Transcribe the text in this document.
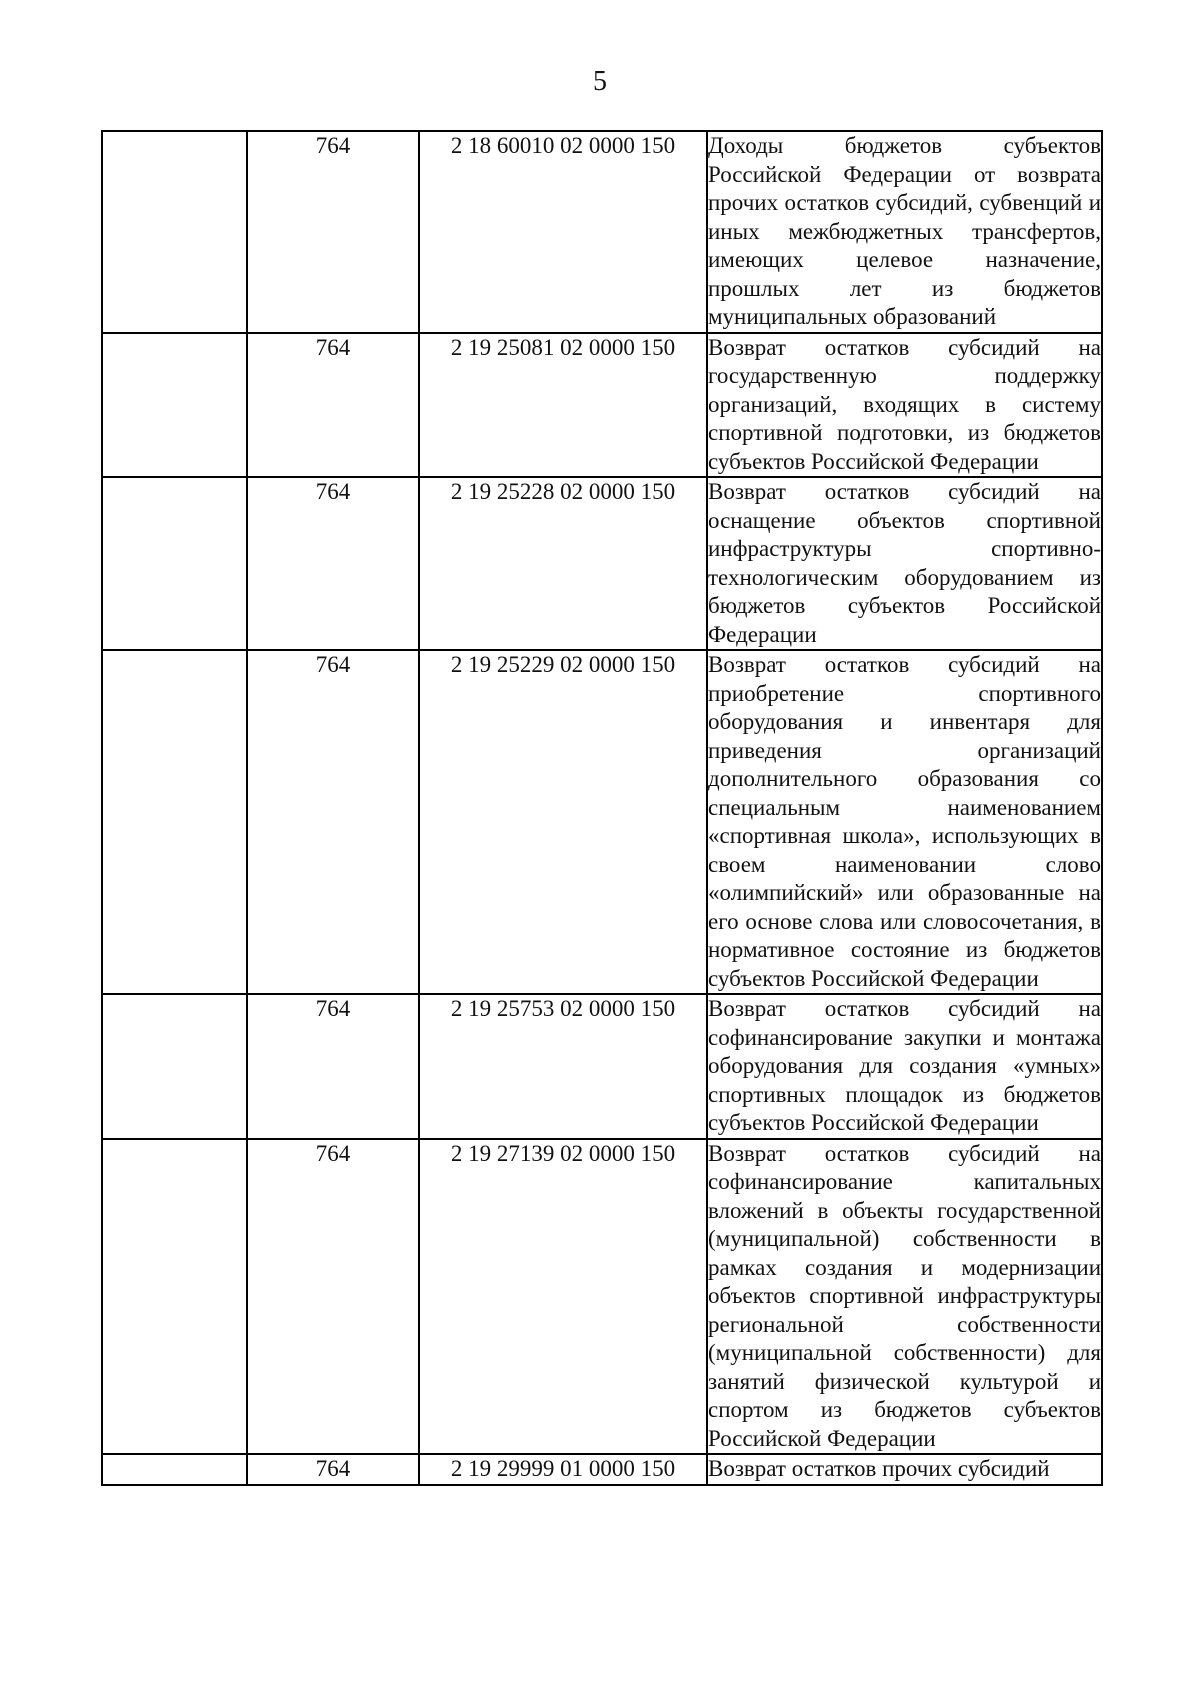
5
	764	2 18 60010 02 0000 150	Доходы бюджетов субъектов Российской Федерации от возврата прочих остатков субсидий, субвенций и иных межбюджетных трансфертов, имеющих целевое назначение, прошлых лет из бюджетов муниципальных образований
	764	2 19 25081 02 0000 150	Возврат остатков субсидий на государственную поддержку организаций, входящих в систему спортивной подготовки, из бюджетов субъектов Российской Федерации
	764	2 19 25228 02 0000 150	Возврат остатков субсидий на оснащение объектов спортивной инфраструктуры спортивно-технологическим оборудованием из бюджетов субъектов Российской Федерации
	764	2 19 25229 02 0000 150	Возврат остатков субсидий на приобретение спортивного оборудования и инвентаря для приведения организаций дополнительного образования со специальным наименованием «спортивная школа», использующих в своем наименовании слово «олимпийский» или образованные на его основе слова или словосочетания, в нормативное состояние из бюджетов субъектов Российской Федерации
	764	2 19 25753 02 0000 150	Возврат остатков субсидий на софинансирование закупки и монтажа оборудования для создания «умных» спортивных площадок из бюджетов субъектов Российской Федерации
	764	2 19 27139 02 0000 150	Возврат остатков субсидий на софинансирование капитальных вложений в объекты государственной (муниципальной) собственности в рамках создания и модернизации объектов спортивной инфраструктуры региональной собственности (муниципальной собственности) для занятий физической культурой и спортом из бюджетов субъектов Российской Федерации
	764	2 19 29999 01 0000 150	Возврат остатков прочих субсидий
